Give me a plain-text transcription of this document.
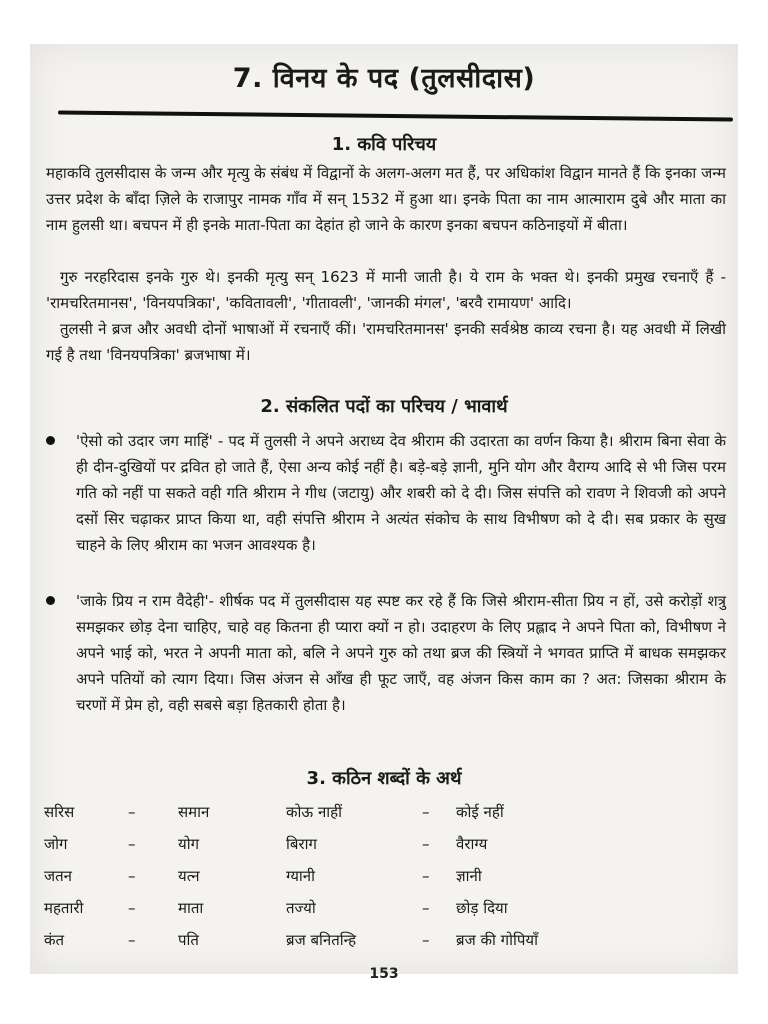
7. विनय के पद (तुलसीदास)
1. कवि परिचय

महाकवि तुलसीदास के जन्म और मृत्यु के संबंध में विद्वानों के अलग-अलग मत हैं, पर अधिकांश विद्वान मानते हैं कि इनका जन्म उत्तर प्रदेश के बाँदा ज़िले के राजापुर नामक गाँव में सन् 1532 में हुआ था। इनके पिता का नाम आत्माराम दुबे और माता का नाम हुलसी था। बचपन में ही इनके माता-पिता का देहांत हो जाने के कारण इनका बचपन कठिनाइयों में बीता।

गुरु नरहरिदास इनके गुरु थे। इनकी मृत्यु सन् 1623 में मानी जाती है। ये राम के भक्त थे। इनकी प्रमुख रचनाएँ हैं - 'रामचरितमानस', 'विनयपत्रिका', 'कवितावली', 'गीतावली', 'जानकी मंगल', 'बरवै रामायण' आदि।

तुलसी ने ब्रज और अवधी दोनों भाषाओं में रचनाएँ कीं। 'रामचरितमानस' इनकी सर्वश्रेष्ठ काव्य रचना है। यह अवधी में लिखी गई है तथा 'विनयपत्रिका' ब्रजभाषा में।

2. संकलित पदों का परिचय / भावार्थ

'ऐसो को उदार जग माहिं' - पद में तुलसी ने अपने अराध्य देव श्रीराम की उदारता का वर्णन किया है। श्रीराम बिना सेवा के ही दीन-दुखियों पर द्रवित हो जाते हैं, ऐसा अन्य कोई नहीं है। बड़े-बड़े ज्ञानी, मुनि योग और वैराग्य आदि से भी जिस परम गति को नहीं पा सकते वही गति श्रीराम ने गीध (जटायु) और शबरी को दे दी। जिस संपत्ति को रावण ने शिवजी को अपने दसों सिर चढ़ाकर प्राप्त किया था, वही संपत्ति श्रीराम ने अत्यंत संकोच के साथ विभीषण को दे दी। सब प्रकार के सुख चाहने के लिए श्रीराम का भजन आवश्यक है।

'जाके प्रिय न राम वैदेही'- शीर्षक पद में तुलसीदास यह स्पष्ट कर रहे हैं कि जिसे श्रीराम-सीता प्रिय न हों, उसे करोड़ों शत्रु समझकर छोड़ देना चाहिए, चाहे वह कितना ही प्यारा क्यों न हो। उदाहरण के लिए प्रह्लाद ने अपने पिता को, विभीषण ने अपने भाई को, भरत ने अपनी माता को, बलि ने अपने गुरु को तथा ब्रज की स्त्रियों ने भगवत प्राप्ति में बाधक समझकर अपने पतियों को त्याग दिया। जिस अंजन से आँख ही फूट जाएँ, वह अंजन किस काम का ? अत: जिसका श्रीराम के चरणों में प्रेम हो, वही सबसे बड़ा हितकारी होता है।

3. कठिन शब्दों के अर्थ
सरिस	–	समान	कोऊ नाहीं	–	कोई नहीं
जोग	–	योग	बिराग	–	वैराग्य
जतन	–	यत्न	ग्यानी	–	ज्ञानी
महतारी	–	माता	तज्यो	–	छोड़ दिया
कंत	–	पति	ब्रज बनितन्हि	–	ब्रज की गोपियाँ
153
